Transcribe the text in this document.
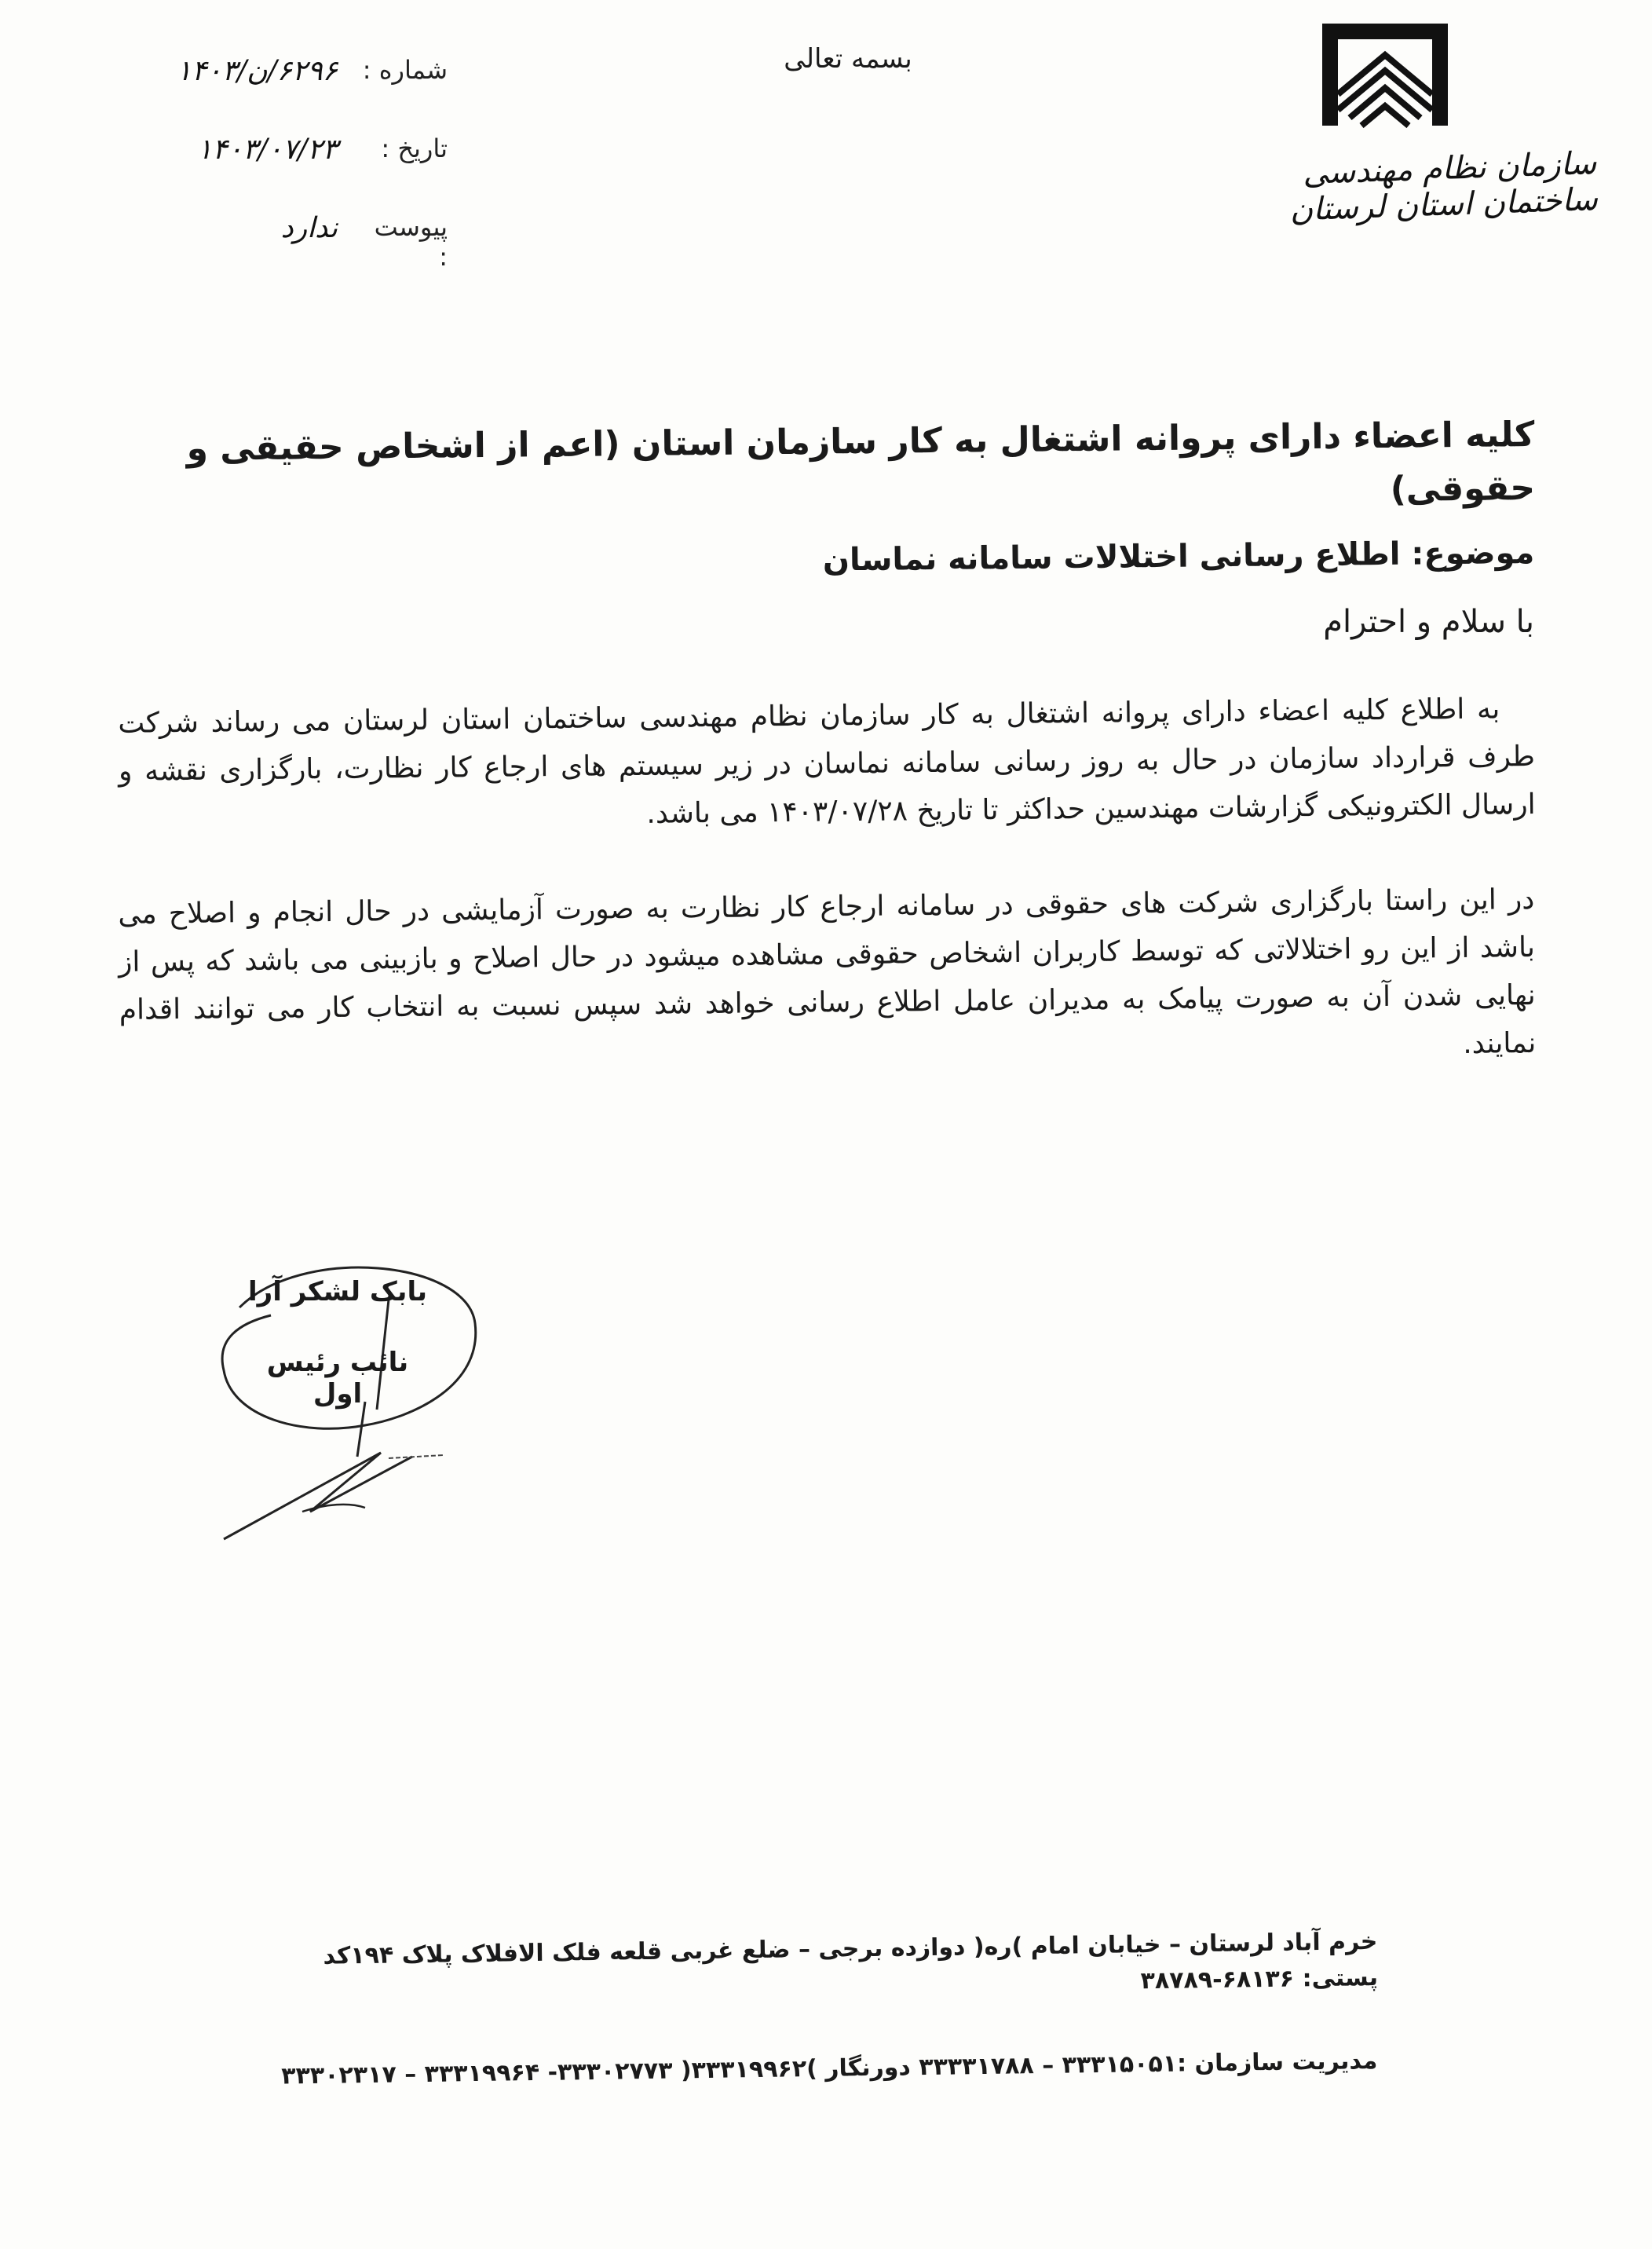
سازمان نظام مهندسی ساختمان استان لرستان
بسمه تعالی
شماره :
۶۲۹۶/ن/۱۴۰۳
تاریخ :
۱۴۰۳/۰۷/۲۳
پیوست :
ندارد

کلیه اعضاء دارای پروانه اشتغال به کار سازمان استان (اعم از اشخاص حقیقی و حقوقی)

موضوع: اطلاع رسانی اختلالات سامانه نماسان

با سلام و احترام

به اطلاع کلیه اعضاء دارای پروانه اشتغال به کار سازمان نظام مهندسی ساختمان استان لرستان می رساند شرکت طرف قرارداد سازمان در حال به روز رسانی سامانه نماسان در زیر سیستم های ارجاع کار نظارت، بارگزاری نقشه و ارسال الکترونیکی گزارشات مهندسین حداکثر تا تاریخ ۱۴۰۳/۰۷/۲۸ می باشد.

در این راستا بارگزاری شرکت های حقوقی در سامانه ارجاع کار نظارت به صورت آزمایشی در حال انجام و اصلاح می باشد از این رو اختلالاتی که توسط کاربران اشخاص حقوقی مشاهده میشود در حال اصلاح و بازبینی می باشد که پس از نهایی شدن آن به صورت پیامک به مدیران عامل اطلاع رسانی خواهد شد سپس نسبت به انتخاب کار می توانند اقدام نمایند.

بابک لشکر آرا
نائب رئیس اول

خرم آباد لرستان – خیابان امام )ره( دوازده برجی – ضلع غربی قلعه فلک الافلاک پلاک ۱۹۴کد پستی: ۶۸۱۳۶-۳۸۷۸۹

مدیریت سازمان :۳۳۳۱۵۰۵۱ – ۳۳۳۳۱۷۸۸ دورنگار )۳۳۳۱۹۹۶۲( ۳۳۳۰۲۷۷۳- ۳۳۳۱۹۹۶۴ – ۳۳۳۰۲۳۱۷
